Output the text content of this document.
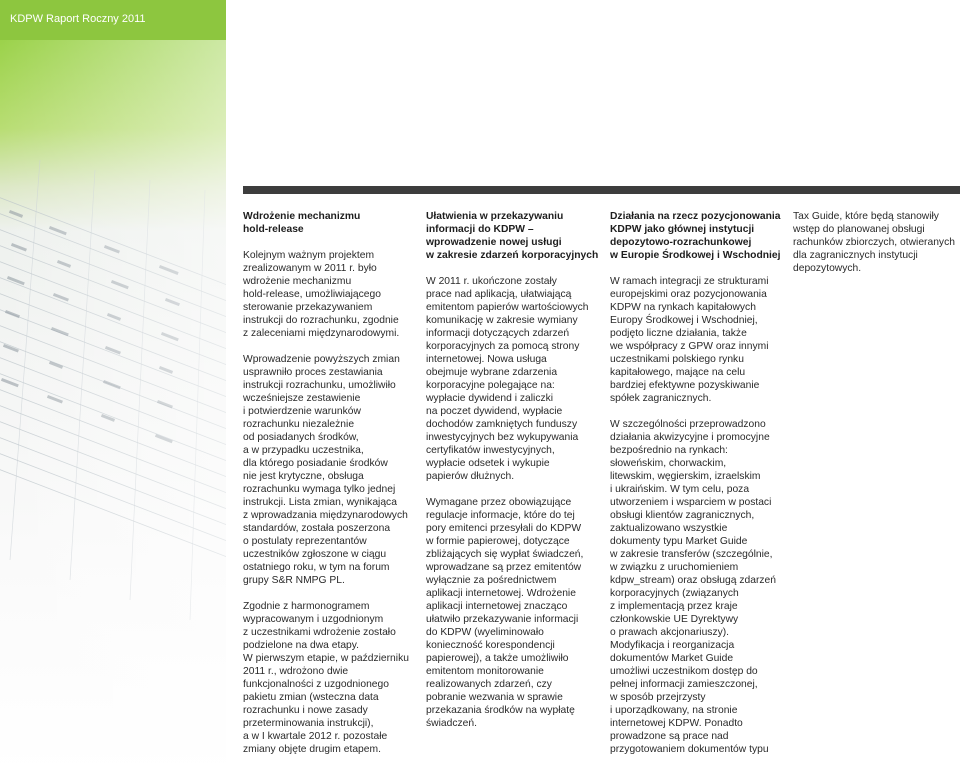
KDPW Raport Roczny 2011
Wdrożenie mechanizmu
hold-release

Kolejnym ważnym projektem
zrealizowanym w 2011 r. było
wdrożenie mechanizmu
hold-release, umożliwiającego
sterowanie przekazywaniem
instrukcji do rozrachunku, zgodnie
z zaleceniami międzynarodowymi.

Wprowadzenie powyższych zmian
usprawniło proces zestawiania
instrukcji rozrachunku, umożliwiło
wcześniejsze zestawienie
i potwierdzenie warunków
rozrachunku niezależnie
od posiadanych środków,
a w przypadku uczestnika,
dla którego posiadanie środków
nie jest krytyczne, obsługa
rozrachunku wymaga tylko jednej
instrukcji. Lista zmian, wynikająca
z wprowadzania międzynarodowych
standardów, została poszerzona
o postulaty reprezentantów
uczestników zgłoszone w ciągu
ostatniego roku, w tym na forum
grupy S&R NMPG PL.

Zgodnie z harmonogramem
wypracowanym i uzgodnionym
z uczestnikami wdrożenie zostało
podzielone na dwa etapy.
W pierwszym etapie, w październiku
2011 r., wdrożono dwie
funkcjonalności z uzgodnionego
pakietu zmian (wsteczna data
rozrachunku i nowe zasady
przeterminowania instrukcji),
a w I kwartale 2012 r. pozostałe
zmiany objęte drugim etapem.

Ułatwienia w przekazywaniu
informacji do KDPW –
wprowadzenie nowej usługi
w zakresie zdarzeń korporacyjnych

W 2011 r. ukończone zostały
prace nad aplikacją, ułatwiającą
emitentom papierów wartościowych
komunikację w zakresie wymiany
informacji dotyczących zdarzeń
korporacyjnych za pomocą strony
internetowej. Nowa usługa
obejmuje wybrane zdarzenia
korporacyjne polegające na:
wypłacie dywidend i zaliczki
na poczet dywidend, wypłacie
dochodów zamkniętych funduszy
inwestycyjnych bez wykupywania
certyfikatów inwestycyjnych,
wypłacie odsetek i wykupie
papierów dłużnych.

Wymagane przez obowiązujące
regulacje informacje, które do tej
pory emitenci przesyłali do KDPW
w formie papierowej, dotyczące
zbliżających się wypłat świadczeń,
wprowadzane są przez emitentów
wyłącznie za pośrednictwem
aplikacji internetowej. Wdrożenie
aplikacji internetowej znacząco
ułatwiło przekazywanie informacji
do KDPW (wyeliminowało
konieczność korespondencji
papierowej), a także umożliwiło
emitentom monitorowanie
realizowanych zdarzeń, czy
pobranie wezwania w sprawie
przekazania środków na wypłatę
świadczeń.

Działania na rzecz pozycjonowania
KDPW jako głównej instytucji
depozytowo-rozrachunkowej
w Europie Środkowej i Wschodniej

W ramach integracji ze strukturami
europejskimi oraz pozycjonowania
KDPW na rynkach kapitałowych
Europy Środkowej i Wschodniej,
podjęto liczne działania, także
we współpracy z GPW oraz innymi
uczestnikami polskiego rynku
kapitałowego, mające na celu
bardziej efektywne pozyskiwanie
spółek zagranicznych.

W szczególności przeprowadzono
działania akwizycyjne i promocyjne
bezpośrednio na rynkach:
słoweńskim, chorwackim,
litewskim, węgierskim, izraelskim
i ukraińskim. W tym celu, poza
utworzeniem i wsparciem w postaci
obsługi klientów zagranicznych,
zaktualizowano wszystkie
dokumenty typu Market Guide
w zakresie transferów (szczególnie,
w związku z uruchomieniem
kdpw_stream) oraz obsługą zdarzeń
korporacyjnych (związanych
z implementacją przez kraje
członkowskie UE Dyrektywy
o prawach akcjonariuszy).
Modyfikacja i reorganizacja
dokumentów Market Guide
umożliwi uczestnikom dostęp do
pełnej informacji zamieszczonej,
w sposób przejrzysty
i uporządkowany, na stronie
internetowej KDPW. Ponadto
prowadzone są prace nad
przygotowaniem dokumentów typu

Tax Guide, które będą stanowiły
wstęp do planowanej obsługi
rachunków zbiorczych, otwieranych
dla zagranicznych instytucji
depozytowych.
